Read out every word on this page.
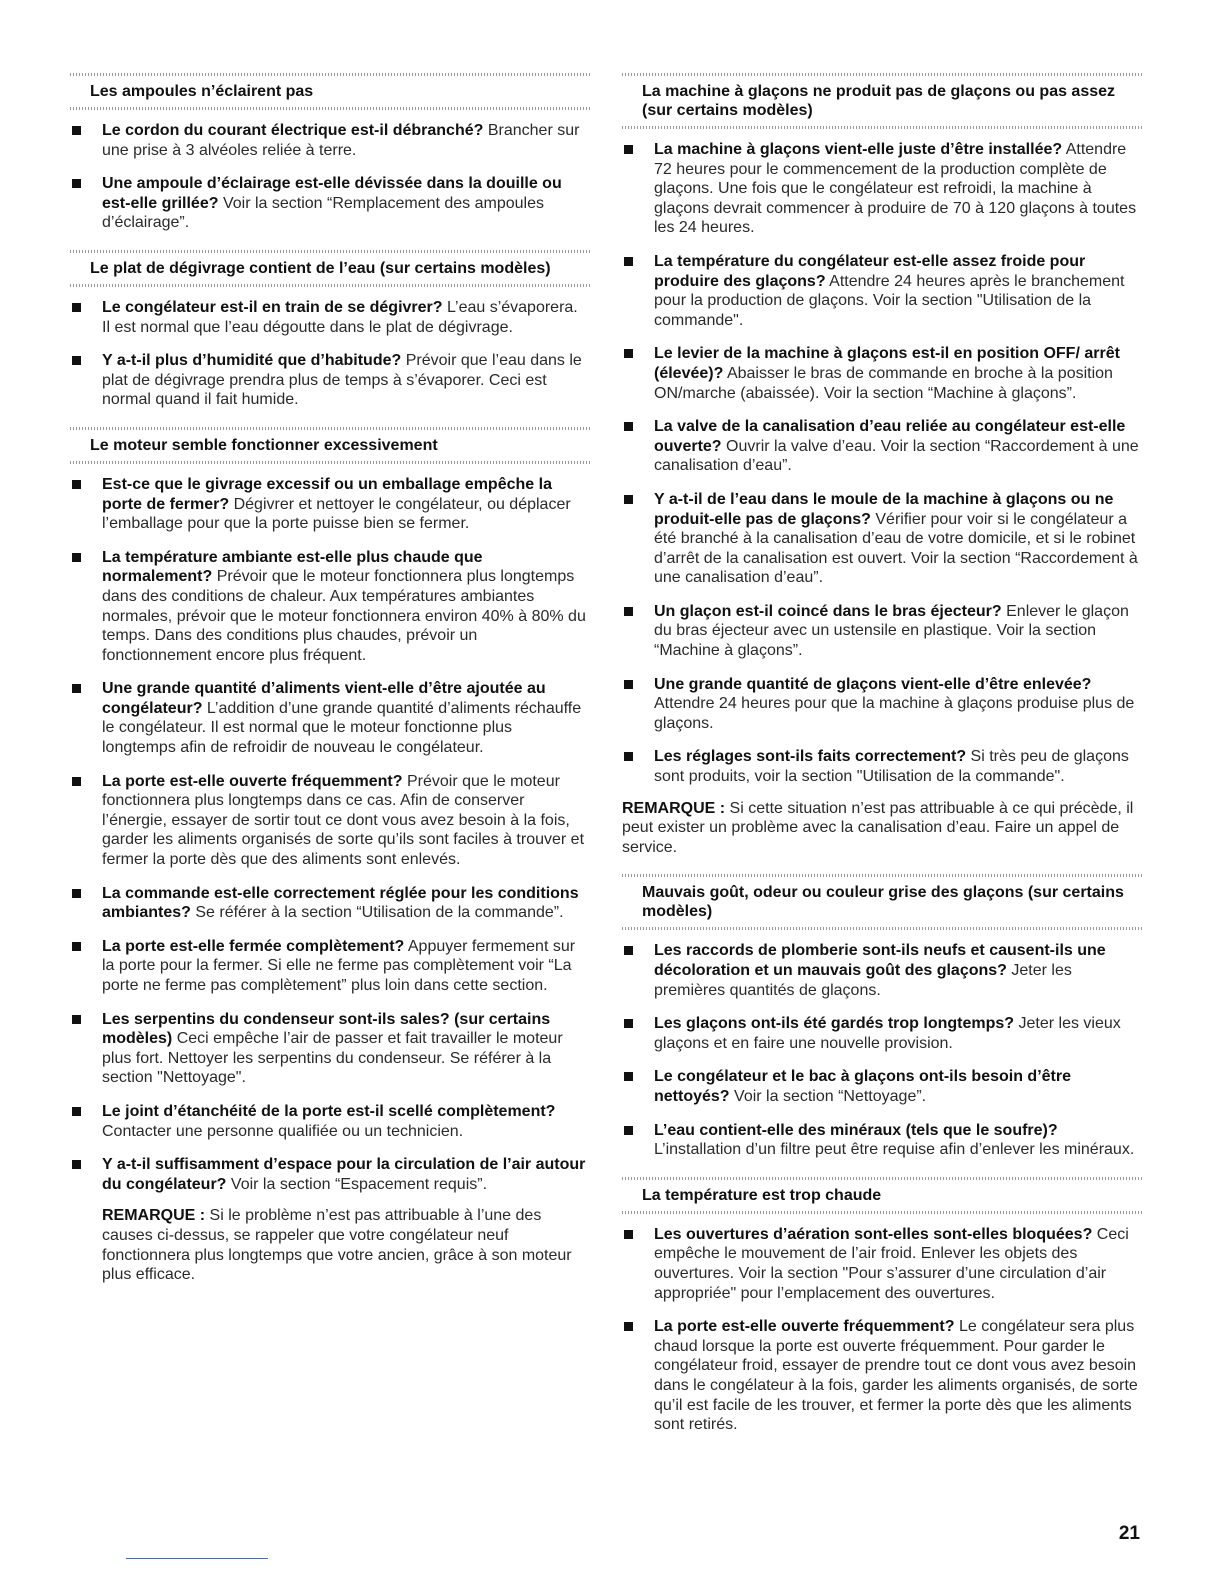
Les ampoules n’éclairent pas
Le cordon du courant électrique est-il débranché? Brancher sur une prise à 3 alvéoles reliée à terre.
Une ampoule d’éclairage est-elle dévissée dans la douille ou est-elle grillée? Voir la section “Remplacement des ampoules d’éclairage”.
Le plat de dégivrage contient de l’eau (sur certains modèles)
Le congélateur est-il en train de se dégivrer? L’eau s’évaporera. Il est normal que l’eau dégoutte dans le plat de dégivrage.
Y a-t-il plus d’humidité que d’habitude? Prévoir que l’eau dans le plat de dégivrage prendra plus de temps à s’évaporer. Ceci est normal quand il fait humide.
Le moteur semble fonctionner excessivement
Est-ce que le givrage excessif ou un emballage empêche la porte de fermer? Dégivrer et nettoyer le congélateur, ou déplacer l’emballage pour que la porte puisse bien se fermer.
La température ambiante est-elle plus chaude que normalement? Prévoir que le moteur fonctionnera plus longtemps dans des conditions de chaleur. Aux températures ambiantes normales, prévoir que le moteur fonctionnera environ 40% à 80% du temps. Dans des conditions plus chaudes, prévoir un fonctionnement encore plus fréquent.
Une grande quantité d’aliments vient-elle d’être ajoutée au congélateur? L’addition d’une grande quantité d’aliments réchauffe le congélateur. Il est normal que le moteur fonctionne plus longtemps afin de refroidir de nouveau le congélateur.
La porte est-elle ouverte fréquemment? Prévoir que le moteur fonctionnera plus longtemps dans ce cas. Afin de conserver l’énergie, essayer de sortir tout ce dont vous avez besoin à la fois, garder les aliments organisés de sorte qu’ils sont faciles à trouver et fermer la porte dès que des aliments sont enlevés.
La commande est-elle correctement réglée pour les conditions ambiantes? Se référer à la section “Utilisation de la commande”.
La porte est-elle fermée complètement? Appuyer fermement sur la porte pour la fermer. Si elle ne ferme pas complètement voir “La porte ne ferme pas complètement” plus loin dans cette section.
Les serpentins du condenseur sont-ils sales? (sur certains modèles) Ceci empêche l’air de passer et fait travailler le moteur plus fort. Nettoyer les serpentins du condenseur. Se référer à la section "Nettoyage".
Le joint d’étanchéité de la porte est-il scellé complètement? Contacter une personne qualifiée ou un technicien.
Y a-t-il suffisamment d’espace pour la circulation de l’air autour du congélateur? Voir la section “Espacement requis”.

REMARQUE : Si le problème n’est pas attribuable à l’une des causes ci-dessus, se rappeler que votre congélateur neuf fonctionnera plus longtemps que votre ancien, grâce à son moteur plus efficace.

La machine à glaçons ne produit pas de glaçons ou pas assez (sur certains modèles)
La machine à glaçons vient-elle juste d’être installée? Attendre 72 heures pour le commencement de la production complète de glaçons. Une fois que le congélateur est refroidi, la machine à glaçons devrait commencer à produire de 70 à 120 glaçons à toutes les 24 heures.
La température du congélateur est-elle assez froide pour produire des glaçons? Attendre 24 heures après le branchement pour la production de glaçons. Voir la section "Utilisation de la commande".
Le levier de la machine à glaçons est-il en position OFF/ arrêt (élevée)? Abaisser le bras de commande en broche à la position ON/marche (abaissée). Voir la section “Machine à glaçons”.
La valve de la canalisation d’eau reliée au congélateur est-elle ouverte? Ouvrir la valve d’eau. Voir la section “Raccordement à une canalisation d’eau”.
Y a-t-il de l’eau dans le moule de la machine à glaçons ou ne produit-elle pas de glaçons? Vérifier pour voir si le congélateur a été branché à la canalisation d’eau de votre domicile, et si le robinet d’arrêt de la canalisation est ouvert. Voir la section “Raccordement à une canalisation d’eau”.
Un glaçon est-il coincé dans le bras éjecteur? Enlever le glaçon du bras éjecteur avec un ustensile en plastique. Voir la section “Machine à glaçons”.
Une grande quantité de glaçons vient-elle d’être enlevée? Attendre 24 heures pour que la machine à glaçons produise plus de glaçons.
Les réglages sont-ils faits correctement? Si très peu de glaçons sont produits, voir la section "Utilisation de la commande".

REMARQUE : Si cette situation n’est pas attribuable à ce qui précède, il peut exister un problème avec la canalisation d’eau. Faire un appel de service.

Mauvais goût, odeur ou couleur grise des glaçons (sur certains modèles)
Les raccords de plomberie sont-ils neufs et causent-ils une décoloration et un mauvais goût des glaçons? Jeter les premières quantités de glaçons.
Les glaçons ont-ils été gardés trop longtemps? Jeter les vieux glaçons et en faire une nouvelle provision.
Le congélateur et le bac à glaçons ont-ils besoin d’être nettoyés? Voir la section “Nettoyage”.
L’eau contient-elle des minéraux (tels que le soufre)? L’installation d’un filtre peut être requise afin d’enlever les minéraux.
La température est trop chaude
Les ouvertures d’aération sont-elles sont-elles bloquées? Ceci empêche le mouvement de l’air froid. Enlever les objets des ouvertures. Voir la section "Pour s’assurer d’une circulation d’air appropriée" pour l’emplacement des ouvertures.
La porte est-elle ouverte fréquemment? Le congélateur sera plus chaud lorsque la porte est ouverte fréquemment. Pour garder le congélateur froid, essayer de prendre tout ce dont vous avez besoin dans le congélateur à la fois, garder les aliments organisés, de sorte qu’il est facile de les trouver, et fermer la porte dès que les aliments sont retirés.
21
